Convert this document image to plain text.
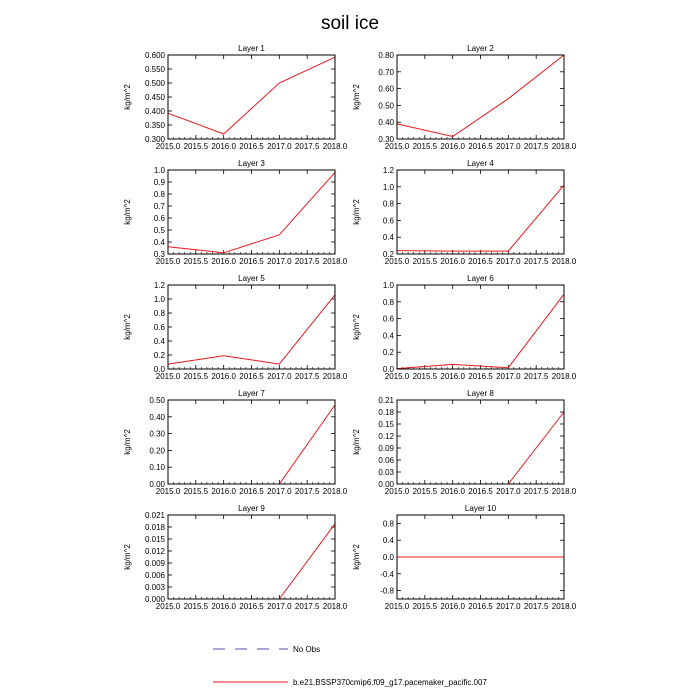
soil ice
Layer 1
kg/m^2
2015.0 2015.5 2016.0 2016.5 2017.0 2017.5 2018.0
0.300
0.350
0.400
0.450
0.500
0.550
0.600
Layer 2
kg/m^2
2015.0 2015.5 2016.0 2016.5 2017.0 2017.5 2018.0
0.30
0.40
0.50
0.60
0.70
0.80
Layer 3
kg/m^2
2015.0 2015.5 2016.0 2016.5 2017.0 2017.5 2018.0
0.3
0.4
0.5
0.6
0.7
0.8
0.9
1.0
Layer 4
kg/m^2
2015.0 2015.5 2016.0 2016.5 2017.0 2017.5 2018.0
0.2
0.4
0.6
0.8
1.0
1.2
Layer 5
kg/m^2
2015.0 2015.5 2016.0 2016.5 2017.0 2017.5 2018.0
0.0
0.2
0.4
0.6
0.8
1.0
1.2
Layer 6
kg/m^2
2015.0 2015.5 2016.0 2016.5 2017.0 2017.5 2018.0
0.0
0.2
0.4
0.6
0.8
1.0
Layer 7
kg/m^2
2015.0 2015.5 2016.0 2016.5 2017.0 2017.5 2018.0
0.00
0.10
0.20
0.30
0.40
0.50
Layer 8
kg/m^2
2015.0 2015.5 2016.0 2016.5 2017.0 2017.5 2018.0
0.00
0.03
0.06
0.09
0.12
0.15
0.18
0.21
Layer 9
kg/m^2
2015.0 2015.5 2016.0 2016.5 2017.0 2017.5 2018.0
0.000
0.003
0.006
0.009
0.012
0.015
0.018
0.021
Layer 10
kg/m^2
2015.0 2015.5 2016.0 2016.5 2017.0 2017.5 2018.0
-0.8
-0.4
0.0
0.4
0.8
No Obs
b.e21.BSSP370cmip6.f09_g17.pacemaker_pacific.007
